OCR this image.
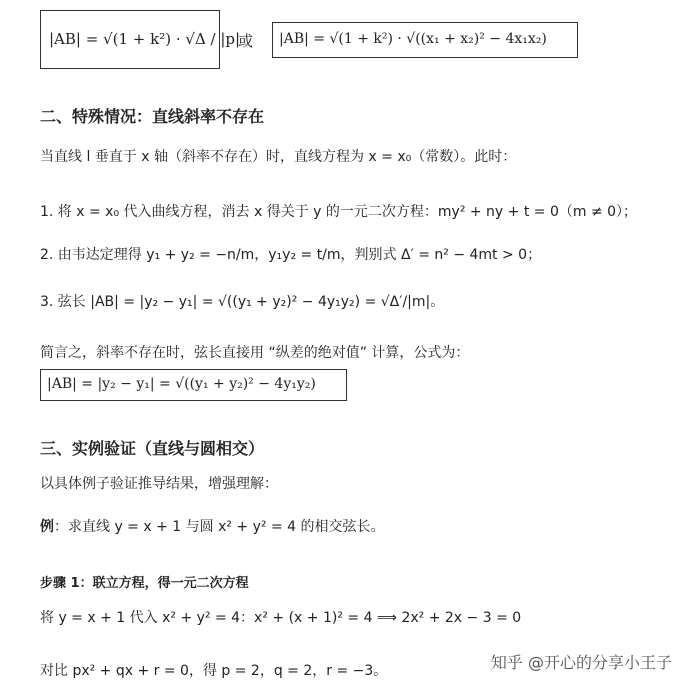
|AB| = √(1 + k²) · √Δ / |p|
或 |AB| = √(1 + k²) · √((x₁ + x₂)² − 4x₁x₂)
二、特殊情况：直线斜率不存在
当直线 l 垂直于 x 轴（斜率不存在）时，直线方程为 x = x₀（常数）。此时：
1. 将 x = x₀ 代入曲线方程，消去 x 得关于 y 的一元二次方程：my² + ny + t = 0（m ≠ 0）；
2. 由韦达定理得 y₁ + y₂ = −n/m，y₁y₂ = t/m，判别式 Δ′ = n² − 4mt > 0；
3. 弦长 |AB| = |y₂ − y₁| = √((y₁ + y₂)² − 4y₁y₂) = √Δ′/|m|。
简言之，斜率不存在时，弦长直接用 “纵差的绝对值” 计算，公式为：
|AB| = |y₂ − y₁| = √((y₁ + y₂)² − 4y₁y₂)
三、实例验证（直线与圆相交）
以具体例子验证推导结果，增强理解：
例：求直线 y = x + 1 与圆 x² + y² = 4 的相交弦长。
步骤 1：联立方程，得一元二次方程
将 y = x + 1 代入 x² + y² = 4：x² + (x + 1)² = 4 ⟹ 2x² + 2x − 3 = 0
对比 px² + qx + r = 0，得 p = 2，q = 2，r = −3。	知乎 @开心的分享小王子
